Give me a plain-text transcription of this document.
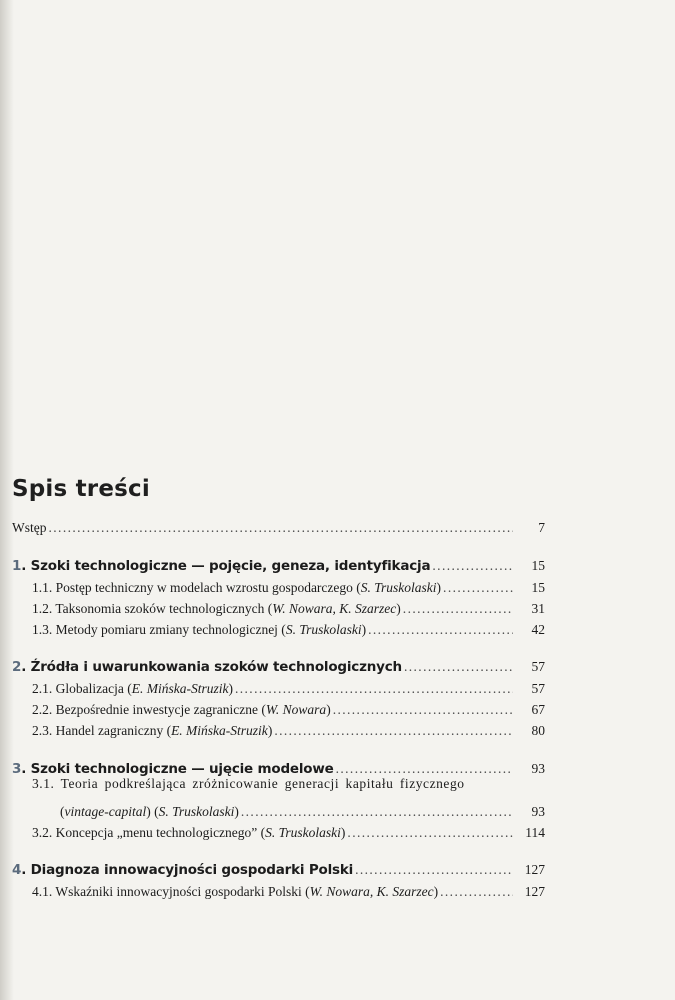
Spis treści
Wstęp .....	7
1. Szoki technologiczne — pojęcie, geneza, identyfikacja .....	15
1.1. Postęp techniczny w modelach wzrostu gospodarczego (S. Truskolaski) .....	15
1.2. Taksonomia szoków technologicznych (W. Nowara, K. Szarzec) .....	31
1.3. Metody pomiaru zmiany technologicznej (S. Truskolaski) .....	42
2. Źródła i uwarunkowania szoków technologicznych .....	57
2.1. Globalizacja (E. Mińska-Struzik) .....	57
2.2. Bezpośrednie inwestycje zagraniczne (W. Nowara) .....	67
2.3. Handel zagraniczny (E. Mińska-Struzik) .....	80
3. Szoki technologiczne — ujęcie modelowe .....	93
3.1. Teoria podkreślająca zróżnicowanie generacji kapitału fizycznego
(vintage-capital) (S. Truskolaski) .....	93
3.2. Koncepcja „menu technologicznego” (S. Truskolaski) .....	114
4. Diagnoza innowacyjności gospodarki Polski .....	127
4.1. Wskaźniki innowacyjności gospodarki Polski (W. Nowara, K. Szarzec) .....	127
